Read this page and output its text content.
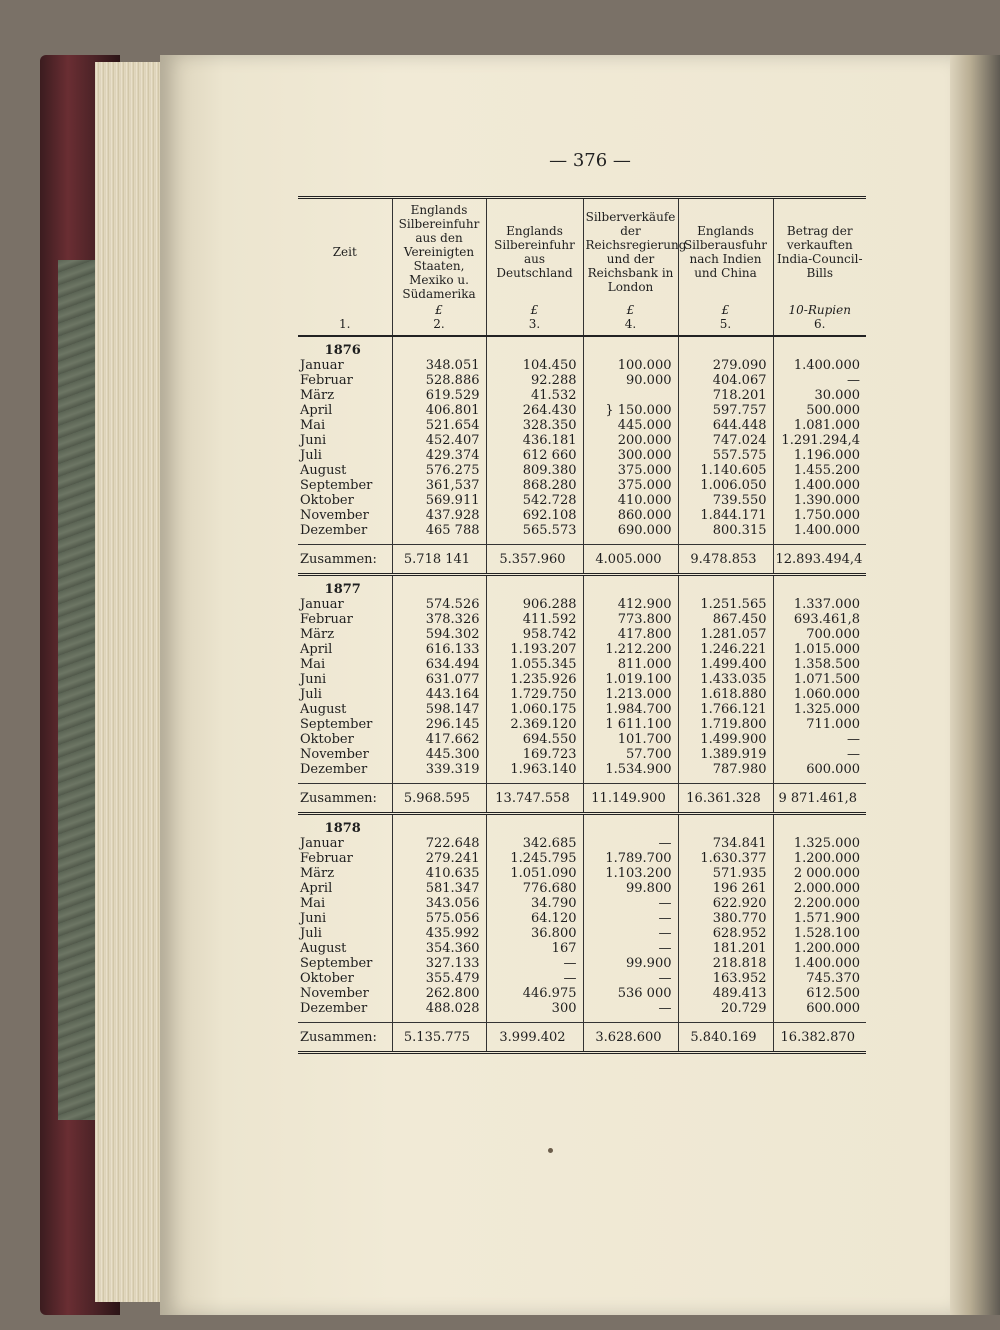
— 376 —
Zeit	Englands Silbereinfuhr aus den Vereinigten Staaten, Mexiko u. Südamerika	Englands Silbereinfuhr aus Deutschland	Silberverkäufe der Reichsregierung und der Reichsbank in London	Englands Silberausfuhr nach Indien und China	Betrag der verkauften India-Council-Bills
	£	£	£	£	10-Rupien
1.	2.	3.	4.	5.	6.
1876					
Januar	348.051	104.450	100.000	279.090	1.400.000
Februar	528.886	92.288	90.000	404.067	—
März	619.529	41.532		718.201	30.000
April	406.801	264.430	} 150.000	597.757	500.000
Mai	521.654	328.350	445.000	644.448	1.081.000
Juni	452.407	436.181	200.000	747.024	1.291.294,4
Juli	429.374	612 660	300.000	557.575	1.196.000
August	576.275	809.380	375.000	1.140.605	1.455.200
September	361,537	868.280	375.000	1.006.050	1.400.000
Oktober	569.911	542.728	410.000	739.550	1.390.000
November	437.928	692.108	860.000	1.844.171	1.750.000
Dezember	465 788	565.573	690.000	800.315	1.400.000

Zusammen:	5.718 141	5.357.960	4.005.000	9.478.853	12.893.494,4
1877					
Januar	574.526	906.288	412.900	1.251.565	1.337.000
Februar	378.326	411.592	773.800	867.450	693.461,8
März	594.302	958.742	417.800	1.281.057	700.000
April	616.133	1.193.207	1.212.200	1.246.221	1.015.000
Mai	634.494	1.055.345	811.000	1.499.400	1.358.500
Juni	631.077	1.235.926	1.019.100	1.433.035	1.071.500
Juli	443.164	1.729.750	1.213.000	1.618.880	1.060.000
August	598.147	1.060.175	1.984.700	1.766.121	1.325.000
September	296.145	2.369.120	1 611.100	1.719.800	711.000
Oktober	417.662	694.550	101.700	1.499.900	—
November	445.300	169.723	57.700	1.389.919	—
Dezember	339.319	1.963.140	1.534.900	787.980	600.000

Zusammen:	5.968.595	13.747.558	11.149.900	16.361.328	9 871.461,8
1878					
Januar	722.648	342.685	—	734.841	1.325.000
Februar	279.241	1.245.795	1.789.700	1.630.377	1.200.000
März	410.635	1.051.090	1.103.200	571.935	2 000.000
April	581.347	776.680	99.800	196 261	2.000.000
Mai	343.056	34.790	—	622.920	2.200.000
Juni	575.056	64.120	—	380.770	1.571.900
Juli	435.992	36.800	—	628.952	1.528.100
August	354.360	167	—	181.201	1.200.000
September	327.133	—	99.900	218.818	1.400.000
Oktober	355.479	—	—	163.952	745.370
November	262.800	446.975	536 000	489.413	612.500
Dezember	488.028	300	—	20.729	600.000

Zusammen:	5.135.775	3.999.402	3.628.600	5.840.169	16.382.870
